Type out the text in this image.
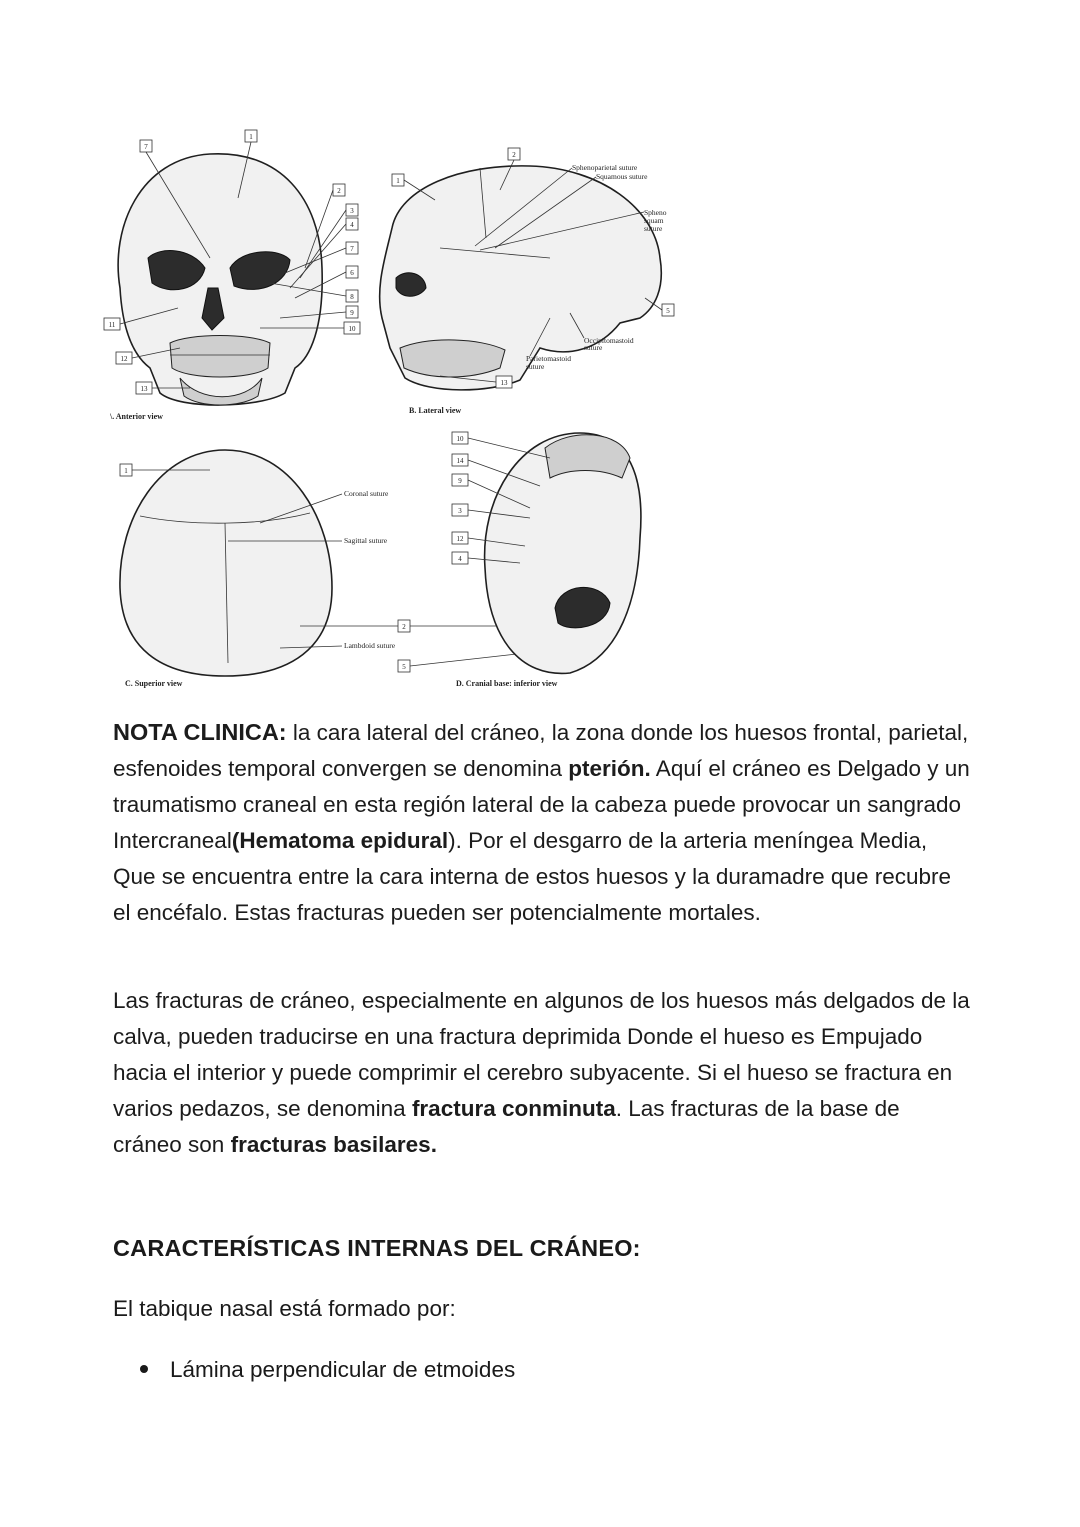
7
1
2
3
4
7
6
8
9
10
11
12
13
\. Anterior view
1
2
5
13
Sphenoparietal suture
Squamous suture
Spheno
squam
suture
Occipitomastoid
suture
Parietomastoid
suture
B. Lateral view
1
2
5
Coronal suture
Sagittal suture
Lambdoid suture
C. Superior view
10
14
9
3
12
4
D. Cranial base: inferior view

NOTA CLINICA: la cara lateral del cráneo, la zona donde los huesos frontal, parietal, esfenoides temporal convergen se denomina pterión. Aquí el cráneo es Delgado y un traumatismo craneal en esta región lateral de la cabeza puede provocar un sangrado Intercraneal(Hematoma epidural). Por el desgarro de la arteria meníngea Media, Que se encuentra entre la cara interna de estos huesos y la duramadre que recubre el encéfalo. Estas fracturas pueden ser potencialmente mortales.

Las fracturas de cráneo, especialmente en algunos de los huesos más delgados de la calva, pueden traducirse en una fractura deprimida Donde el hueso es Empujado hacia el interior y puede comprimir el cerebro subyacente. Si el hueso se fractura en varios pedazos, se denomina fractura conminuta. Las fracturas de la base de cráneo son fracturas basilares.

CARACTERÍSTICAS INTERNAS DEL CRÁNEO:
El tabique nasal está formado por:
Lámina perpendicular de etmoides
